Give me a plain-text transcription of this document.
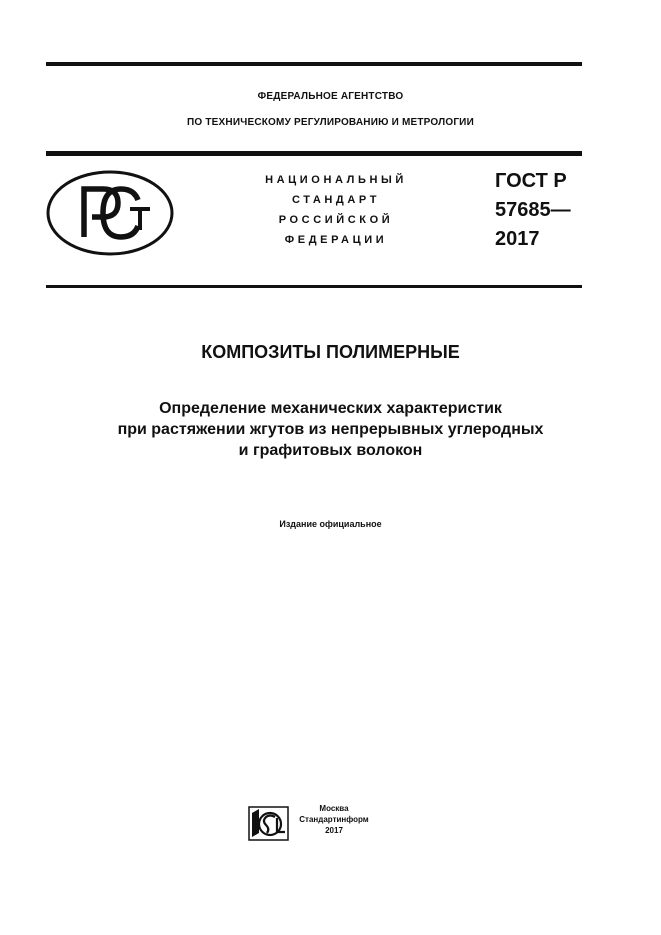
ФЕДЕРАЛЬНОЕ АГЕНТСТВО
ПО ТЕХНИЧЕСКОМУ РЕГУЛИРОВАНИЮ И МЕТРОЛОГИИ
НАЦИОНАЛЬНЫЙ
СТАНДАРТ
РОССИЙСКОЙ
ФЕДЕРАЦИИ
ГОСТ Р
57685—
2017
КОМПОЗИТЫ ПОЛИМЕРНЫЕ
Определение механических характеристик
при растяжении жгутов из непрерывных углеродных
и графитовых волокон
Издание официальное
Москва
Стандартинформ
2017
